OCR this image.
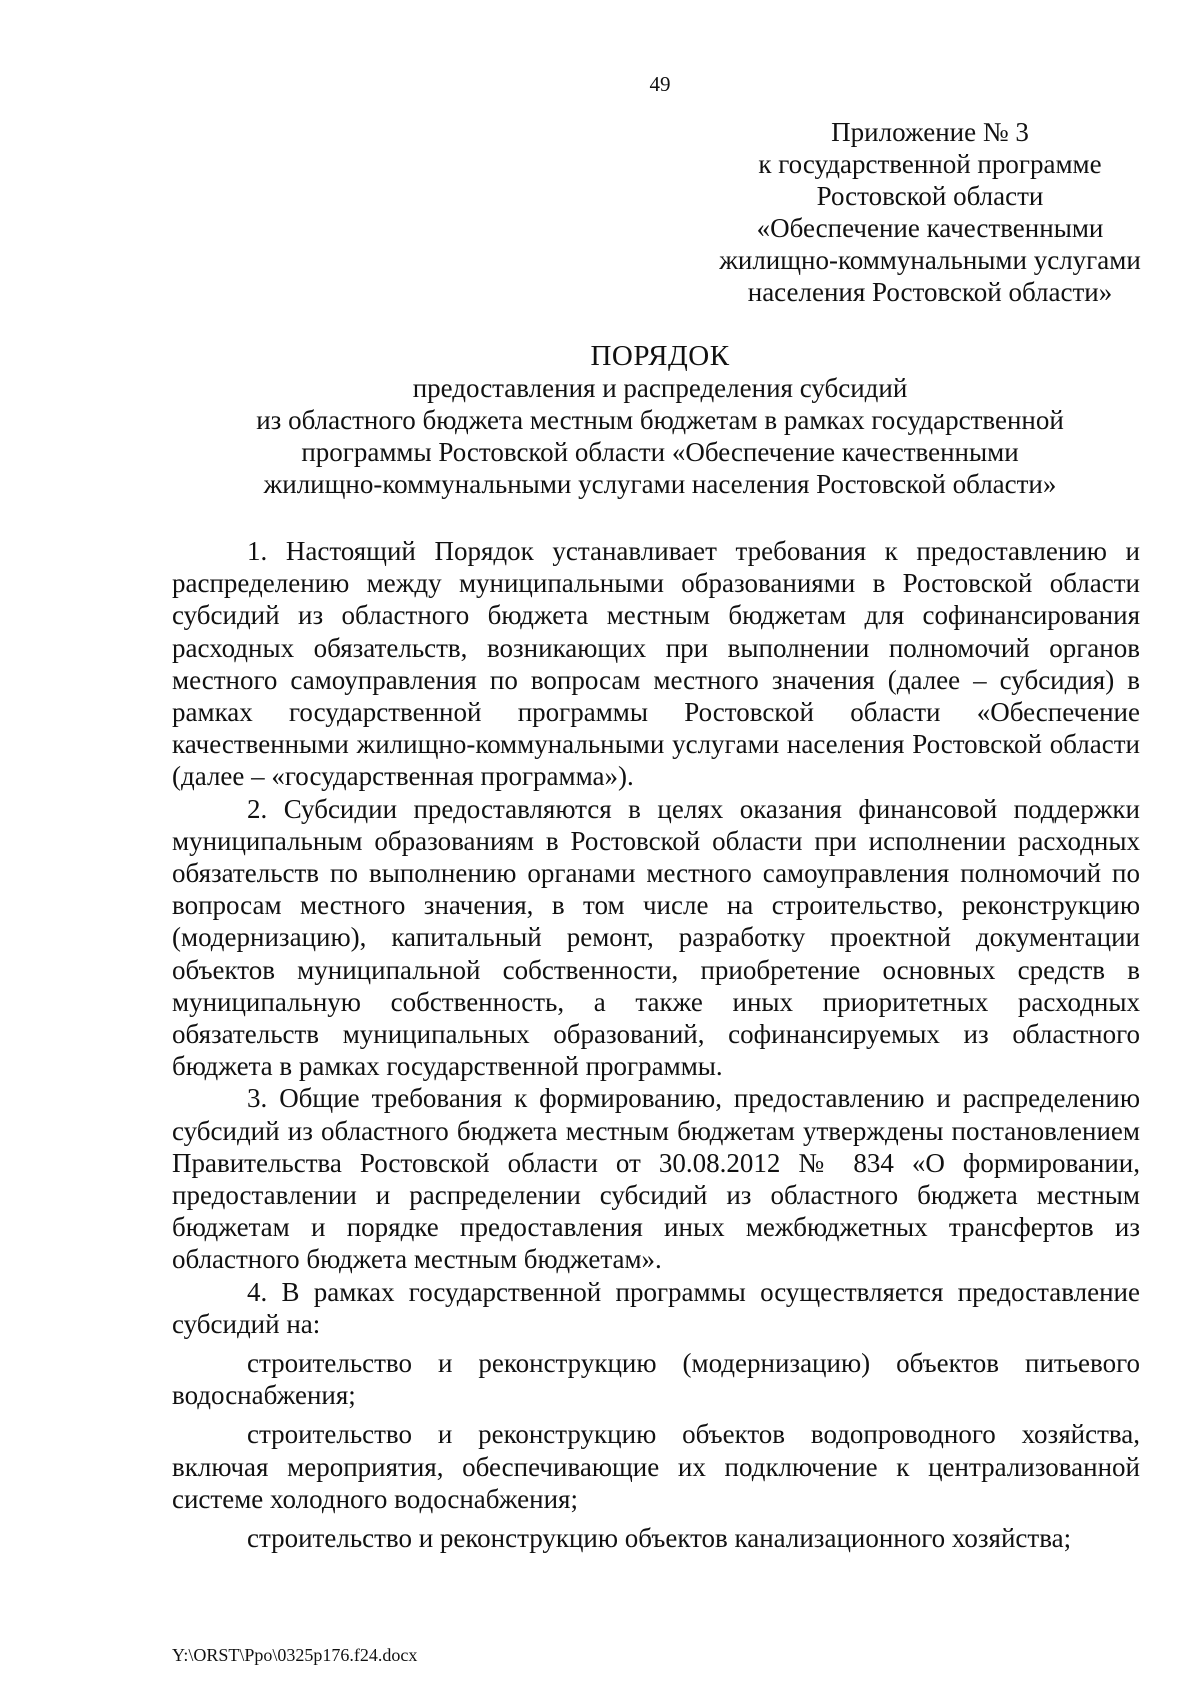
49
Приложение № 3
к государственной программе
Ростовской области
«Обеспечение качественными
жилищно-коммунальными услугами
населения Ростовской области»
ПОРЯДОК
предоставления и распределения субсидий
из областного бюджета местным бюджетам в рамках государственной
программы Ростовской области «Обеспечение качественными
жилищно-коммунальными услугами населения Ростовской области»

1. Настоящий Порядок устанавливает требования к предоставлению и распределению между муниципальными образованиями в Ростовской области субсидий из областного бюджета местным бюджетам для софинансирования расходных обязательств, возникающих при выполнении полномочий органов местного самоуправления по вопросам местного значения (далее – субсидия) в рамках государственной программы Ростовской области «Обеспечение качественными жилищно-коммунальными услугами населения Ростовской области (далее – «государственная программа»).

2. Субсидии предоставляются в целях оказания финансовой поддержки муниципальным образованиям в Ростовской области при исполнении расходных обязательств по выполнению органами местного самоуправления полномочий по вопросам местного значения, в том числе на строительство, реконструкцию (модернизацию), капитальный ремонт, разработку проектной документации объектов муниципальной собственности, приобретение основных средств в муниципальную собственность, а также иных приоритетных расходных обязательств муниципальных образований, софинансируемых из областного бюджета в рамках государственной программы.

3. Общие требования к формированию, предоставлению и распределению субсидий из областного бюджета местным бюджетам утверждены постановлением Правительства Ростовской области от 30.08.2012 № 834 «О формировании, предоставлении и распределении субсидий из областного бюджета местным бюджетам и порядке предоставления иных межбюджетных трансфертов из областного бюджета местным бюджетам».

4. В рамках государственной программы осуществляется предоставление субсидий на:

строительство и реконструкцию (модернизацию) объектов питьевого водоснабжения;

строительство и реконструкцию объектов водопроводного хозяйства, включая мероприятия, обеспечивающие их подключение к централизованной системе холодного водоснабжения;

строительство и реконструкцию объектов канализационного хозяйства;

Y:\ORST\Ppo\0325p176.f24.docx
